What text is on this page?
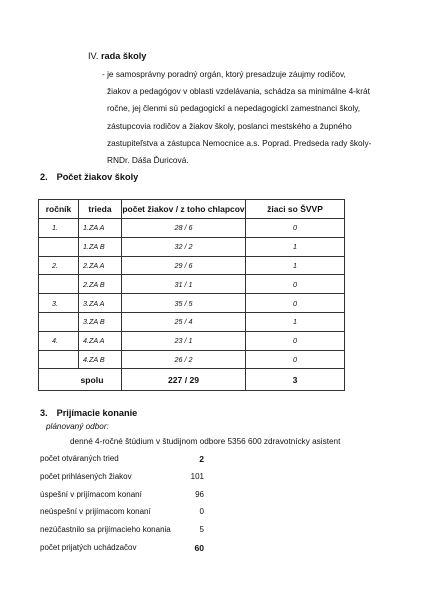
IV. rada školy
- je samosprávny poradný orgán, ktorý presadzuje záujmy rodičov,
žiakov a pedagógov v oblasti vzdelávania, schádza sa minimálne 4-krát
ročne, jej členmi sú pedagogickí a nepedagogickí zamestnanci školy,
zástupcovia rodičov a žiakov školy, poslanci mestského a župného
zastupiteľstva a zástupca Nemocnice a.s. Poprad. Predseda rady školy-
RNDr. Dáša Ďuricová.
2. Počet žiakov školy
ročník	trieda	počet žiakov / z toho chlapcov	žiaci so ŠVVP
1.	1.ZA A	28 / 6	0
	1.ZA B	32 / 2	1
2.	2.ZA A	29 / 6	1
	2.ZA B	31 / 1	0
3.	3.ZA A	35 / 5	0
	3.ZA B	25 / 4	1
4.	4.ZA A	23 / 1	0
	4.ZA B	26 / 2	0
spolu		227 / 29	3
3. Prijímacie konanie
plánovaný odbor:
denné 4-ročné štúdium v študijnom odbore 5356 600 zdravotnícky asistent
počet otváraných tried	2
počet prihlásených žiakov	101
úspešní v prijímacom konaní	96
neúspešní v prijímacom konaní	0
nezúčastnilo sa prijímacieho konania	5
počet prijatých uchádzačov	60
